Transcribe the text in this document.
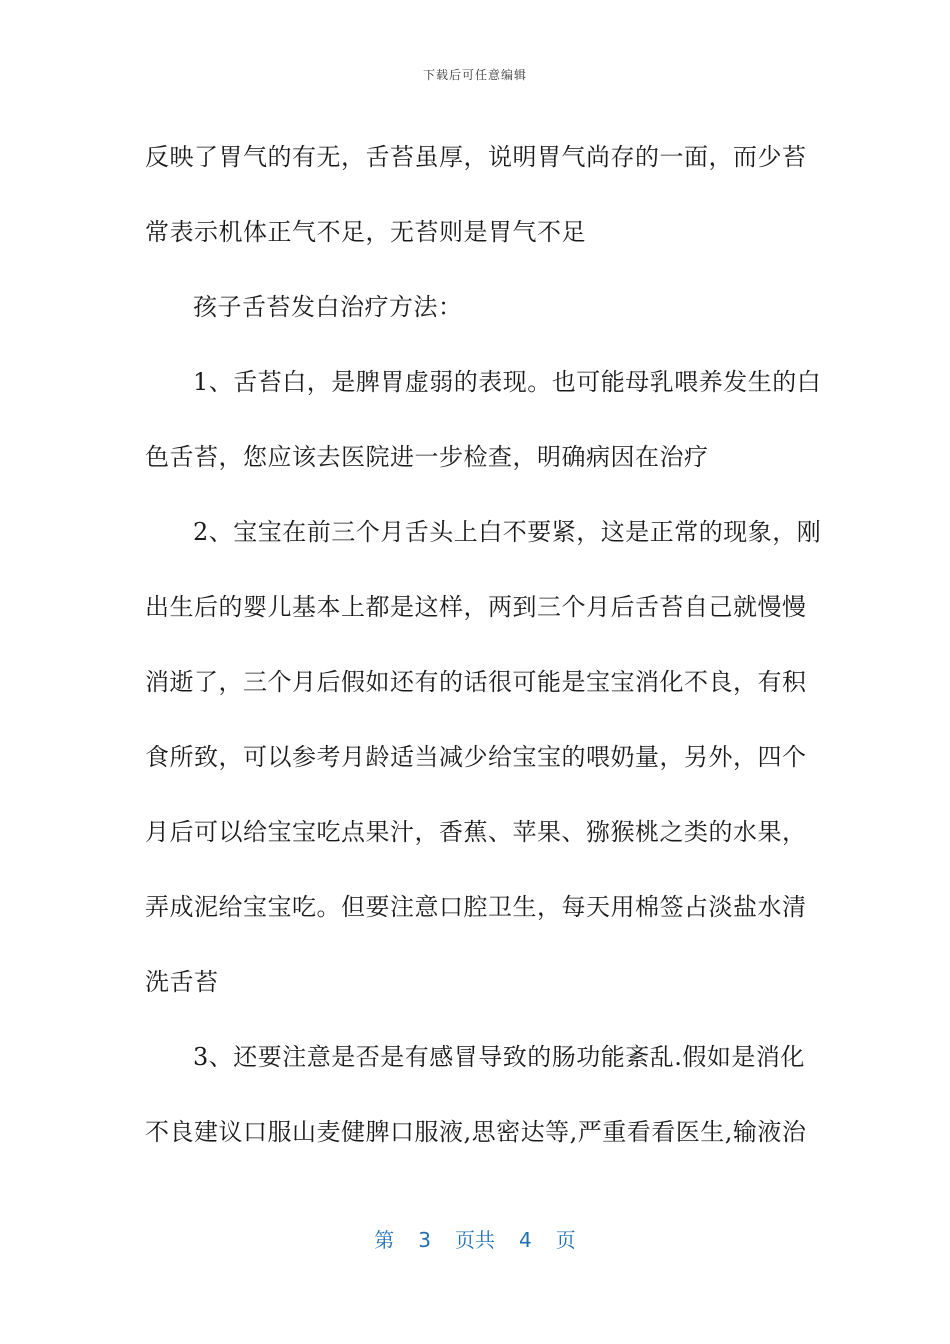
下载后可任意编辑
反映了胃气的有无，舌苔虽厚，说明胃气尚存的一面，而少苔
常表示机体正气不足，无苔则是胃气不足
孩子舌苔发白治疗方法：
1、舌苔白，是脾胃虚弱的表现。也可能母乳喂养发生的白
色舌苔，您应该去医院进一步检查，明确病因在治疗
2、宝宝在前三个月舌头上白不要紧，这是正常的现象，刚
出生后的婴儿基本上都是这样，两到三个月后舌苔自己就慢慢
消逝了，三个月后假如还有的话很可能是宝宝消化不良，有积
食所致，可以参考月龄适当减少给宝宝的喂奶量，另外，四个
月后可以给宝宝吃点果汁，香蕉、苹果、猕猴桃之类的水果，
弄成泥给宝宝吃。但要注意口腔卫生，每天用棉签占淡盐水清
洗舌苔
3、还要注意是否是有感冒导致的肠功能紊乱.假如是消化
不良建议口服山麦健脾口服液,思密达等,严重看看医生,输液治
第 3 页共 4 页
